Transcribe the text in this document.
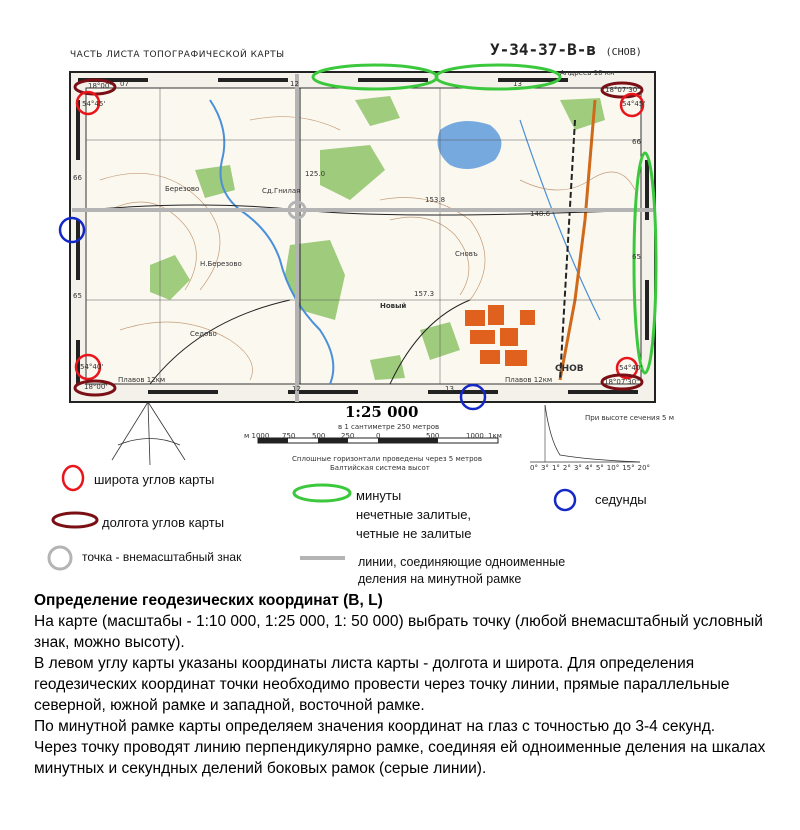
ЧАСТЬ ЛИСТА ТОПОГРАФИЧЕСКОЙ КАРТЫ	У-34-37-В-в (СНОВ)
18°00'
54°45'
18°07'30"
54°45'
54°40'
18°00'
54°40'
18°07'30"
Андреев 10 км
Плавов 12км
Плавов 12км
66
65
66
65
07	12	13
12	13
Березово	Сд.Гнилая
Н.Березово
Новый
Сновъ
Седово
СНОВ
125.0
153.8
157.3
148.6
1:25 000
в 1 сантиметре 250 метров
м 1000 750 500 250	0	500	1000 1км
Сплошные горизонтали проведены через 5 метров
Балтийская система высот
При высоте сечения 5 м
0° 3° 1° 2° 3° 4° 5° 10° 15° 20°
широта углов карты
долгота углов карты
точка - внемасштабный знак
минуты
нечетные залитые,
четные не залитые
седунды
линии, соединяющие одноименные
деления на минутной рамке
Определение геодезических координат (B, L)
На карте (масштабы - 1:10 000, 1:25 000, 1: 50 000) выбрать точку (любой внемасштабный условный знак, можно высоту).
В левом углу карты указаны координаты листа карты - долгота и широта. Для определения геодезических координат точки необходимо провести через точку линии, прямые параллельные северной, южной рамке и западной, восточной рамке.
По минутной рамке карты определяем значения координат на глаз с точностью до 3-4 секунд.
Через точку проводят линию перпендикулярно рамке, соединяя ей одноименные деления на шкалах минутных и секундных делений боковых рамок (серые линии).
